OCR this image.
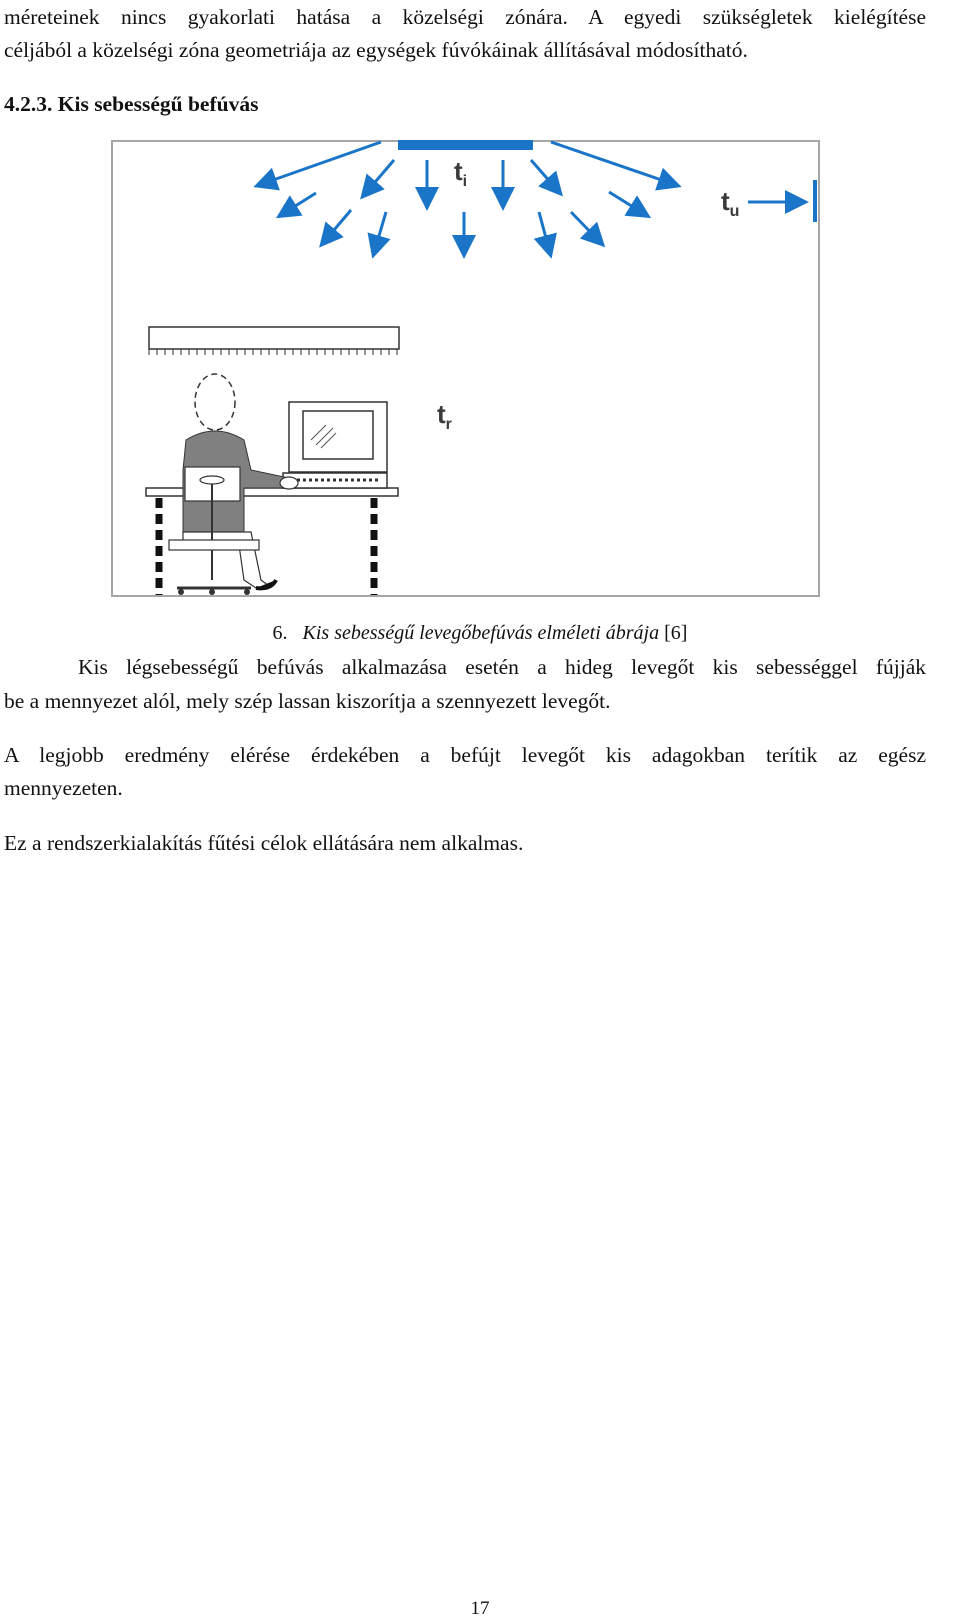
méreteinek nincs gyakorlati hatása a közelségi zónára. A egyedi szükségletek kielégítése

céljából a közelségi zóna geometriája az egységek fúvókáinak állításával módosítható.

4.2.3. Kis sebességű befúvás
$t_i$
$t_u$
$t_r$
6. Kis sebességű levegőbefúvás elméleti ábrája [6]

Kis légsebességű befúvás alkalmazása esetén a hideg levegőt kis sebességgel fújják

be a mennyezet alól, mely szép lassan kiszorítja a szennyezett levegőt.

A legjobb eredmény elérése érdekében a befújt levegőt kis adagokban terítik az egész

mennyezeten.

Ez a rendszerkialakítás fűtési célok ellátására nem alkalmas.

17
